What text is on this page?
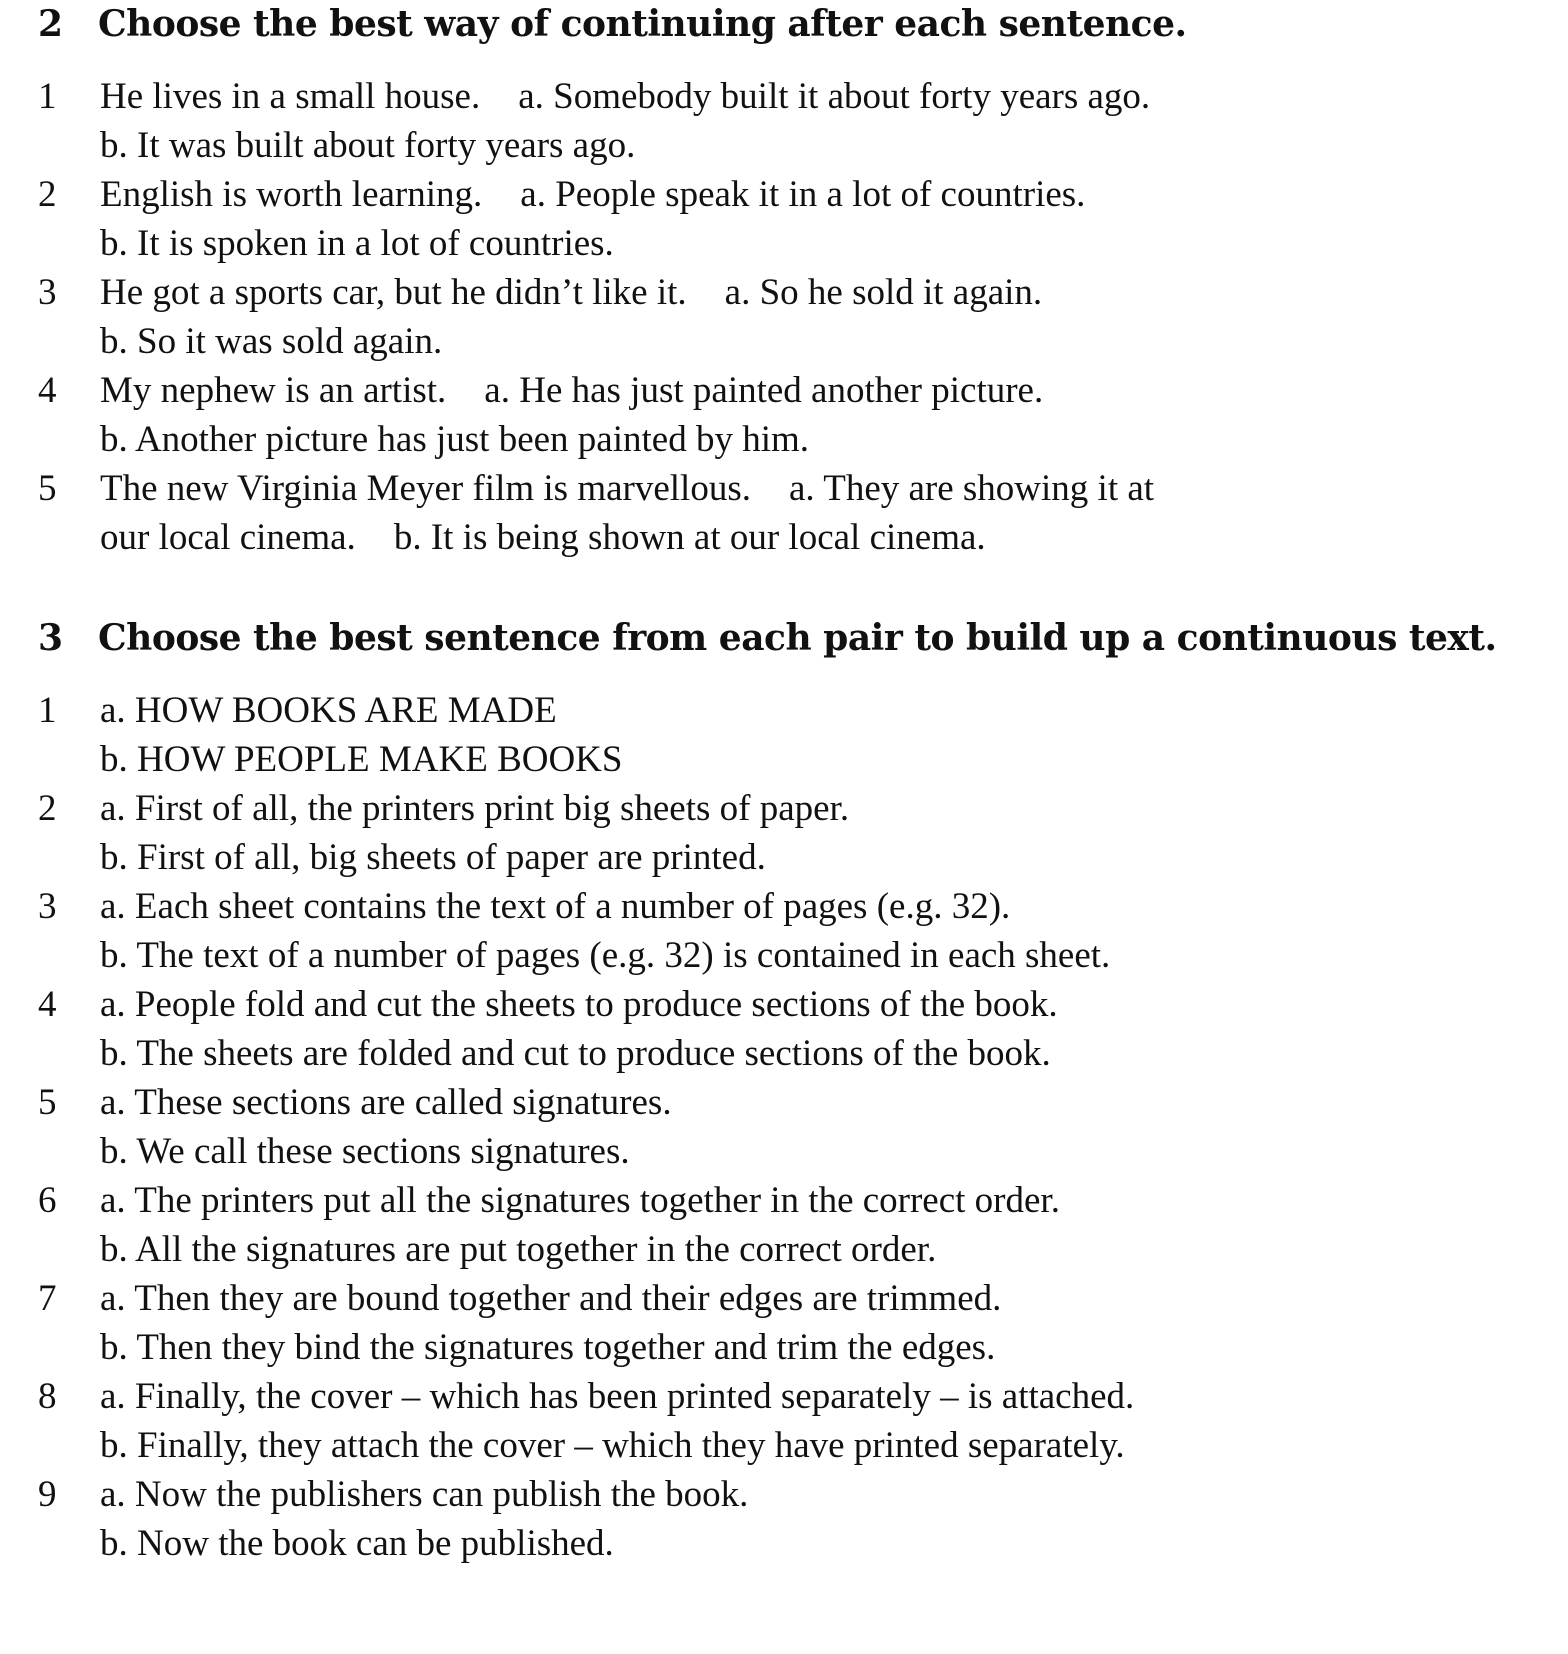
2 Choose the best way of continuing after each sentence.
1	He lives in a small house. a. Somebody built it about forty years ago.
b. It was built about forty years ago.
2	English is worth learning. a. People speak it in a lot of countries.
b. It is spoken in a lot of countries.
3	He got a sports car, but he didn’t like it. a. So he sold it again.
b. So it was sold again.
4	My nephew is an artist. a. He has just painted another picture.
b. Another picture has just been painted by him.
5	The new Virginia Meyer film is marvellous. a. They are showing it at
our local cinema. b. It is being shown at our local cinema.
3 Choose the best sentence from each pair to build up a continuous text.
1	a. HOW BOOKS ARE MADE
b. HOW PEOPLE MAKE BOOKS
2	a. First of all, the printers print big sheets of paper.
b. First of all, big sheets of paper are printed.
3	a. Each sheet contains the text of a number of pages (e.g. 32).
b. The text of a number of pages (e.g. 32) is contained in each sheet.
4	a. People fold and cut the sheets to produce sections of the book.
b. The sheets are folded and cut to produce sections of the book.
5	a. These sections are called signatures.
b. We call these sections signatures.
6	a. The printers put all the signatures together in the correct order.
b. All the signatures are put together in the correct order.
7	a. Then they are bound together and their edges are trimmed.
b. Then they bind the signatures together and trim the edges.
8	a. Finally, the cover – which has been printed separately – is attached.
b. Finally, they attach the cover – which they have printed separately.
9	a. Now the publishers can publish the book.
b. Now the book can be published.
